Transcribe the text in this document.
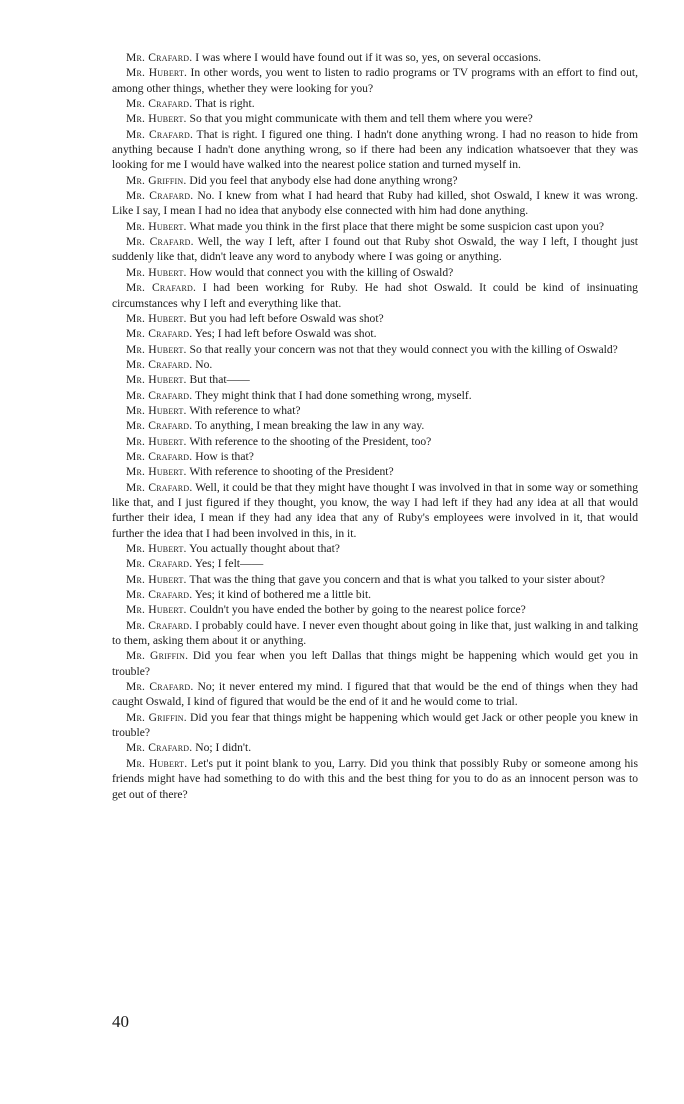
Mr. Crafard. I was where I would have found out if it was so, yes, on several occasions.

Mr. Hubert. In other words, you went to listen to radio programs or TV programs with an effort to find out, among other things, whether they were looking for you?

Mr. Crafard. That is right.

Mr. Hubert. So that you might communicate with them and tell them where you were?

Mr. Crafard. That is right. I figured one thing. I hadn't done anything wrong. I had no reason to hide from anything because I hadn't done anything wrong, so if there had been any indication whatsoever that they was looking for me I would have walked into the nearest police station and turned myself in.

Mr. Griffin. Did you feel that anybody else had done anything wrong?

Mr. Crafard. No. I knew from what I had heard that Ruby had killed, shot Oswald, I knew it was wrong. Like I say, I mean I had no idea that anybody else connected with him had done anything.

Mr. Hubert. What made you think in the first place that there might be some suspicion cast upon you?

Mr. Crafard. Well, the way I left, after I found out that Ruby shot Oswald, the way I left, I thought just suddenly like that, didn't leave any word to anybody where I was going or anything.

Mr. Hubert. How would that connect you with the killing of Oswald?

Mr. Crafard. I had been working for Ruby. He had shot Oswald. It could be kind of insinuating circumstances why I left and everything like that.

Mr. Hubert. But you had left before Oswald was shot?

Mr. Crafard. Yes; I had left before Oswald was shot.

Mr. Hubert. So that really your concern was not that they would connect you with the killing of Oswald?

Mr. Crafard. No.

Mr. Hubert. But that——

Mr. Crafard. They might think that I had done something wrong, myself.

Mr. Hubert. With reference to what?

Mr. Crafard. To anything, I mean breaking the law in any way.

Mr. Hubert. With reference to the shooting of the President, too?

Mr. Crafard. How is that?

Mr. Hubert. With reference to shooting of the President?

Mr. Crafard. Well, it could be that they might have thought I was involved in that in some way or something like that, and I just figured if they thought, you know, the way I had left if they had any idea at all that would further their idea, I mean if they had any idea that any of Ruby's employees were involved in it, that would further the idea that I had been involved in this, in it.

Mr. Hubert. You actually thought about that?

Mr. Crafard. Yes; I felt——

Mr. Hubert. That was the thing that gave you concern and that is what you talked to your sister about?

Mr. Crafard. Yes; it kind of bothered me a little bit.

Mr. Hubert. Couldn't you have ended the bother by going to the nearest police force?

Mr. Crafard. I probably could have. I never even thought about going in like that, just walking in and talking to them, asking them about it or anything.

Mr. Griffin. Did you fear when you left Dallas that things might be happening which would get you in trouble?

Mr. Crafard. No; it never entered my mind. I figured that that would be the end of things when they had caught Oswald, I kind of figured that would be the end of it and he would come to trial.

Mr. Griffin. Did you fear that things might be happening which would get Jack or other people you knew in trouble?

Mr. Crafard. No; I didn't.

Mr. Hubert. Let's put it point blank to you, Larry. Did you think that possibly Ruby or someone among his friends might have had something to do with this and the best thing for you to do as an innocent person was to get out of there?

40
